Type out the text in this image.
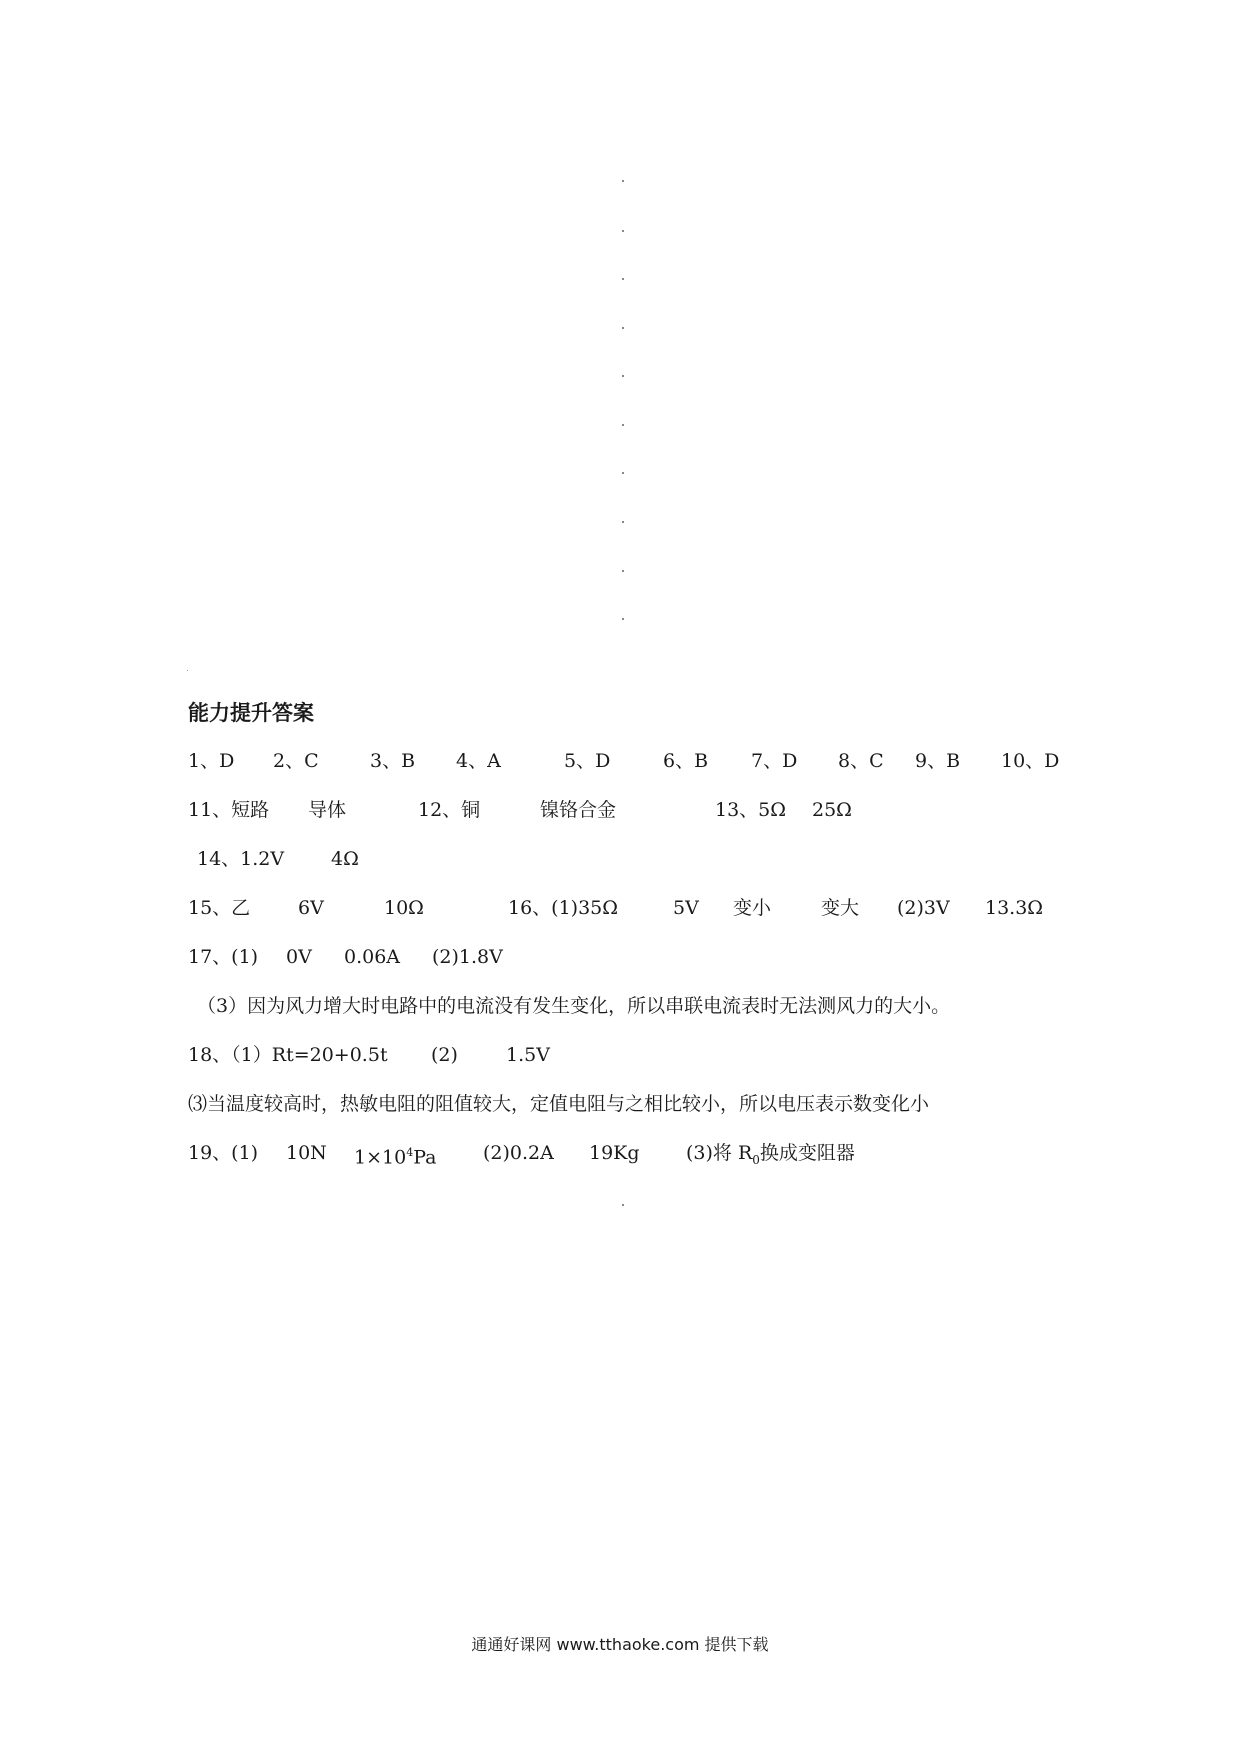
能力提升答案
1、D 2、C	3、B 4、A	5、D	6、B 7、D 8、C 9、B 10、D
11、短路 导体	12、铜	镍铬合金	13、5Ω 25Ω
14、1.2V 4Ω
15、乙	6V	10Ω	16、(1)35Ω	5V 变小	变大 (2)3V 13.3Ω
17、(1) 0V 0.06A (2)1.8V
（3）因为风力增大时电路中的电流没有发生变化，所以串联电流表时无法测风力的大小。
18、（1）Rt=20+0.5t (2)	1.5V
⑶当温度较高时，热敏电阻的阻值较大，定值电阻与之相比较小，所以电压表示数变化小
19、(1) 10N $1\times 10^4Pa$ (2)0.2A 19Kg (3)将 $R_0$换成变阻器
通通好课网 www.tthaoke.com 提供下载
